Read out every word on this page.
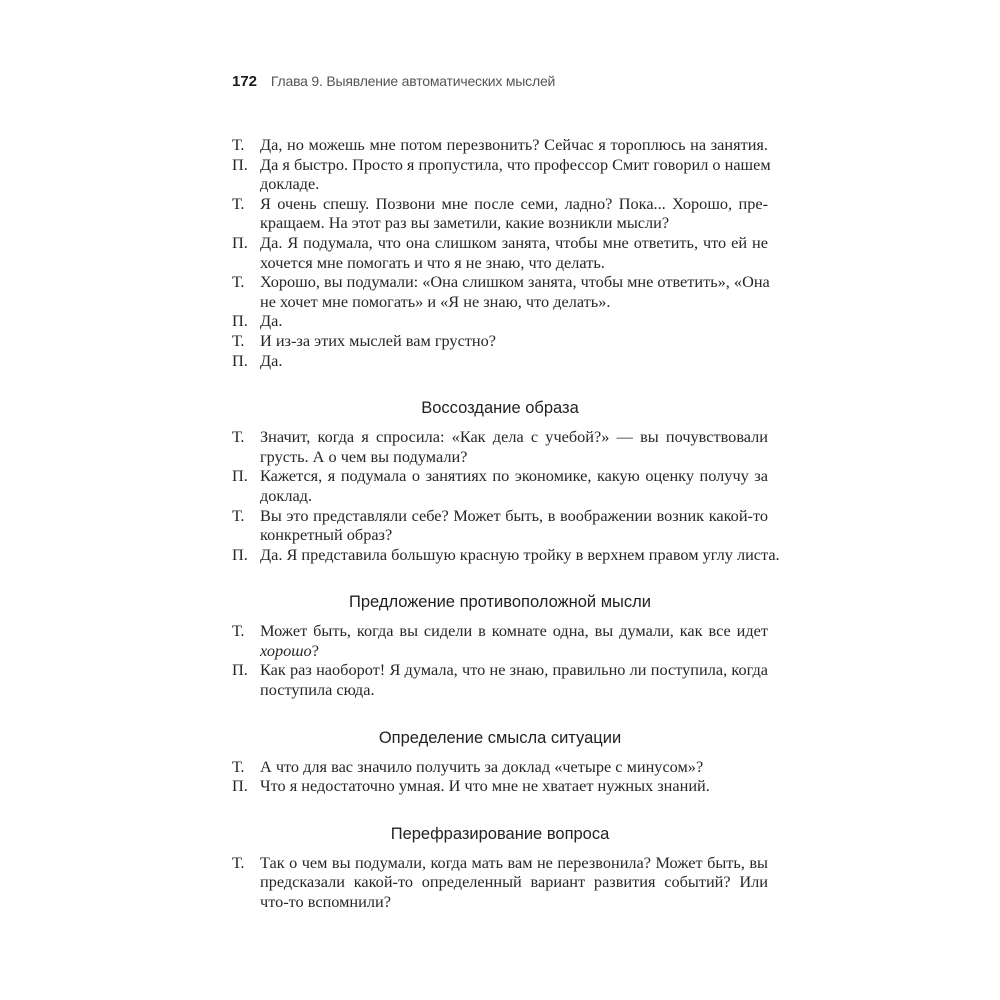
172 Глава 9. Выявление автоматических мыслей
Т. Да, но можешь мне потом перезвонить? Сейчас я тороплюсь на занятия.
П. Да я быстро. Просто я пропустила, что профессор Смит говорил о нашем
докладе.
Т. Я очень спешу. Позвони мне после семи, ладно? Пока... Хорошо, пре-
кращаем. На этот раз вы заметили, какие возникли мысли?
П. Да. Я подумала, что она слишком занята, чтобы мне ответить, что ей не
хочется мне помогать и что я не знаю, что делать.
Т. Хорошо, вы подумали: «Она слишком занята, чтобы мне ответить», «Она
не хочет мне помогать» и «Я не знаю, что делать».
П. Да.
Т. И из-за этих мыслей вам грустно?
П. Да.
Воссоздание образа
Т. Значит, когда я спросила: «Как дела с учебой?» — вы почувствовали
грусть. А о чем вы подумали?
П. Кажется, я подумала о занятиях по экономике, какую оценку получу за
доклад.
Т. Вы это представляли себе? Может быть, в воображении возник какой-то
конкретный образ?
П. Да. Я представила большую красную тройку в верхнем правом углу листа.
Предложение противоположной мысли
Т. Может быть, когда вы сидели в комнате одна, вы думали, как все идет
хорошо?
П. Как раз наоборот! Я думала, что не знаю, правильно ли поступила, когда
поступила сюда.
Определение смысла ситуации
Т. А что для вас значило получить за доклад «четыре с минусом»?
П. Что я недостаточно умная. И что мне не хватает нужных знаний.
Перефразирование вопроса
Т. Так о чем вы подумали, когда мать вам не перезвонила? Может быть, вы
предсказали какой-то определенный вариант развития событий? Или
что-то вспомнили?
